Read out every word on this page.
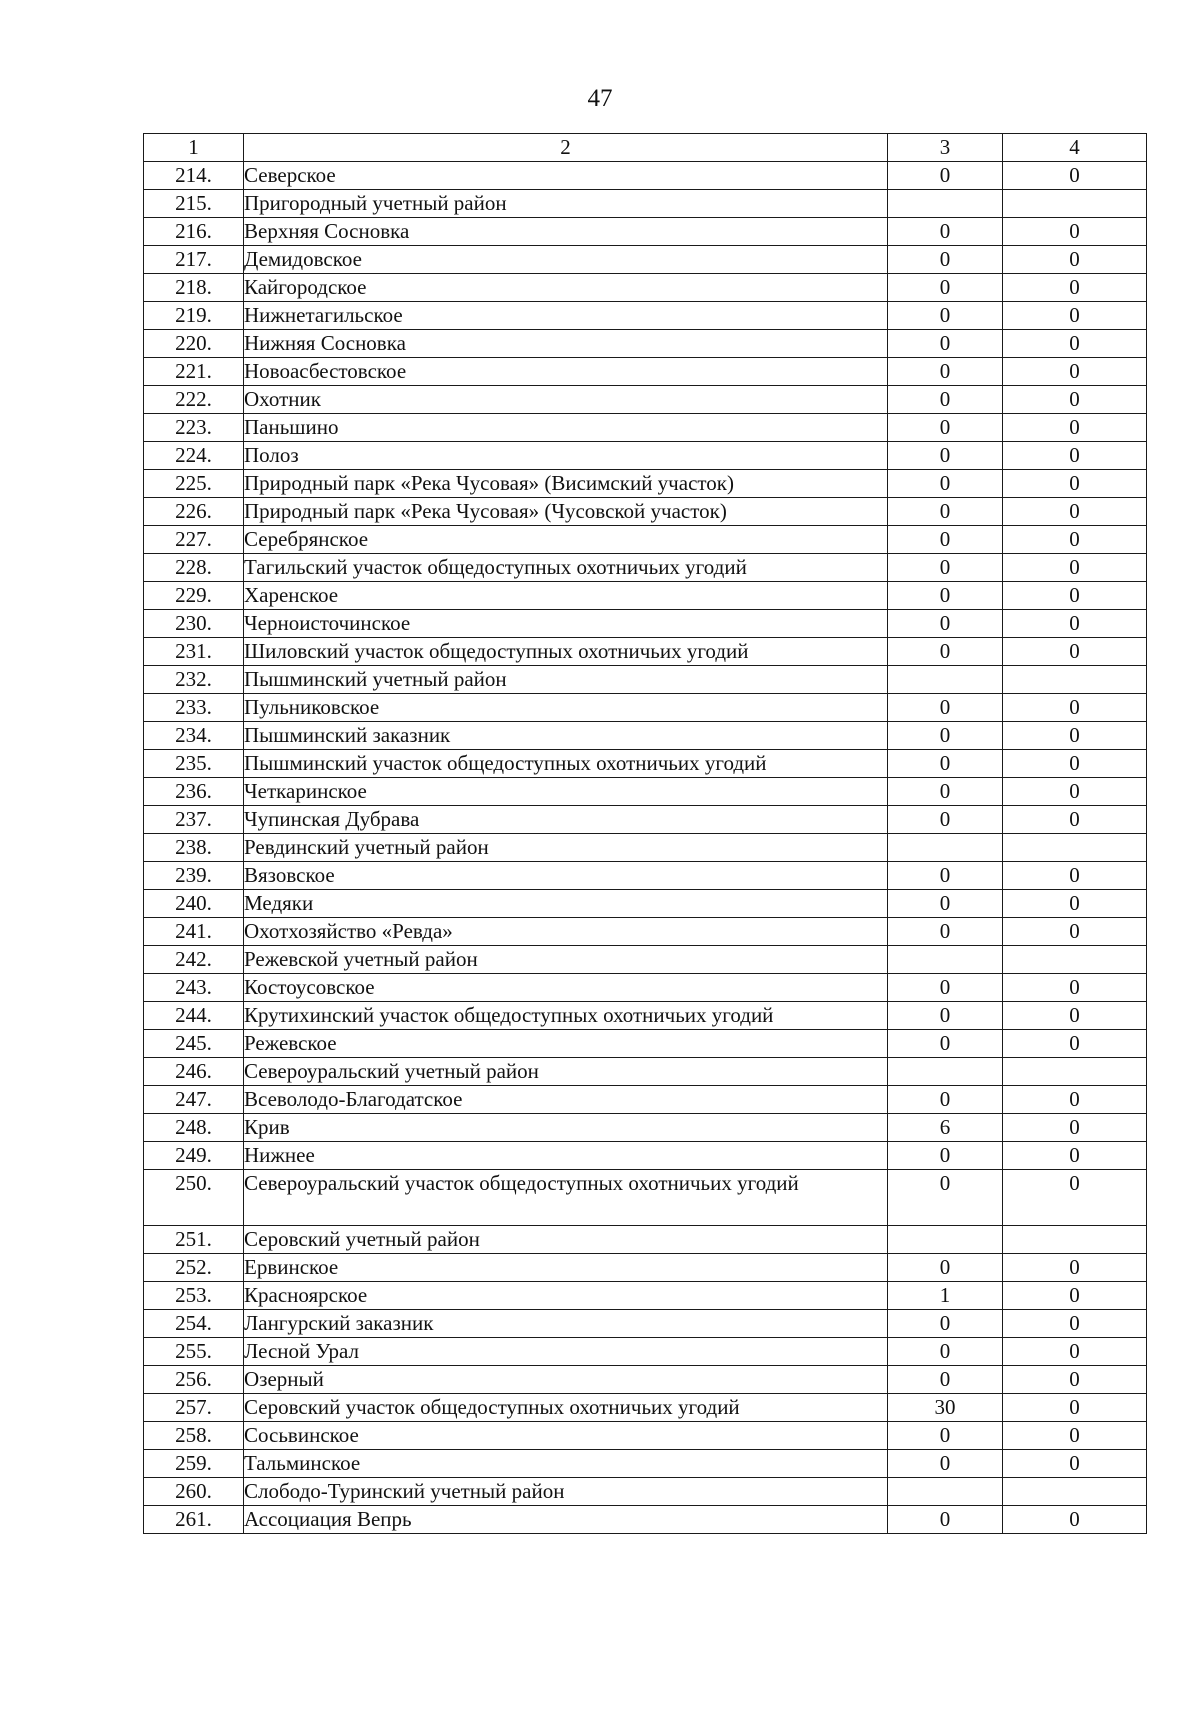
47
1	2	3	4
214.	Северское	0	0
215.	Пригородный учетный район		
216.	Верхняя Сосновка	0	0
217.	Демидовское	0	0
218.	Кайгородское	0	0
219.	Нижнетагильское	0	0
220.	Нижняя Сосновка	0	0
221.	Новоасбестовское	0	0
222.	Охотник	0	0
223.	Паньшино	0	0
224.	Полоз	0	0
225.	Природный парк «Река Чусовая» (Висимский участок)	0	0
226.	Природный парк «Река Чусовая» (Чусовской участок)	0	0
227.	Серебрянское	0	0
228.	Тагильский участок общедоступных охотничьих угодий	0	0
229.	Харенское	0	0
230.	Черноисточинское	0	0
231.	Шиловский участок общедоступных охотничьих угодий	0	0
232.	Пышминский учетный район		
233.	Пульниковское	0	0
234.	Пышминский заказник	0	0
235.	Пышминский участок общедоступных охотничьих угодий	0	0
236.	Четкаринское	0	0
237.	Чупинская Дубрава	0	0
238.	Ревдинский учетный район		
239.	Вязовское	0	0
240.	Медяки	0	0
241.	Охотхозяйство «Ревда»	0	0
242.	Режевской учетный район		
243.	Костоусовское	0	0
244.	Крутихинский участок общедоступных охотничьих угодий	0	0
245.	Режевское	0	0
246.	Североуральский учетный район		
247.	Всеволодо-Благодатское	0	0
248.	Крив	6	0
249.	Нижнее	0	0
250.	Североуральский участок общедоступных охотничьих угодий	0	0
251.	Серовский учетный район		
252.	Ервинское	0	0
253.	Красноярское	1	0
254.	Лангурский заказник	0	0
255.	Лесной Урал	0	0
256.	Озерный	0	0
257.	Серовский участок общедоступных охотничьих угодий	30	0
258.	Сосьвинское	0	0
259.	Тальминское	0	0
260.	Слободо-Туринский учетный район		
261.	Ассоциация Вепрь	0	0
